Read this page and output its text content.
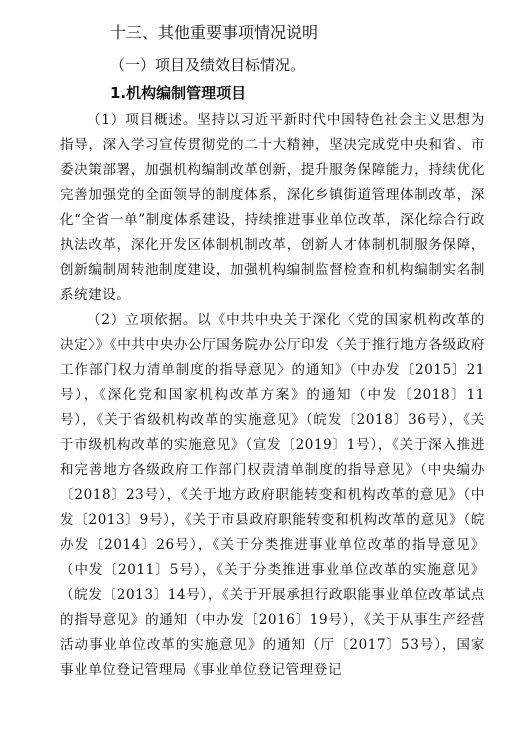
十三、其他重要事项情况说明
（一）项目及绩效目标情况。
1.机构编制管理项目

（1）项目概述。坚持以习近平新时代中国特色社会主义思想为指导，深入学习宣传贯彻党的二十大精神，坚决完成党中央和省、市委决策部署，加强机构编制改革创新，提升服务保障能力，持续优化完善加强党的全面领导的制度体系，深化乡镇街道管理体制改革，深化“全省一单”制度体系建设，持续推进事业单位改革，深化综合行政执法改革，深化开发区体制机制改革，创新人才体制机制服务保障，创新编制周转池制度建设，加强机构编制监督检查和机构编制实名制系统建设。

（2）立项依据。以《中共中央关于深化〈党的国家机构改革的决定〉》《中共中央办公厅国务院办公厅印发〈关于推行地方各级政府工作部门权力清单制度的指导意见〉的通知》（中办发〔2015〕21号），《深化党和国家机构改革方案》的通知（中发〔2018〕11号），《关于省级机构改革的实施意见》（皖发〔2018〕36号），《关于市级机构改革的实施意见》（宣发〔2019〕1号），《关于深入推进和完善地方各级政府工作部门权责清单制度的指导意见》（中央编办〔2018〕23号），《关于地方政府职能转变和机构改革的意见》（中发〔2013〕9号），《关于市县政府职能转变和机构改革的意见》（皖办发〔2014〕26号），《关于分类推进事业单位改革的指导意见》（中发〔2011〕5号），《关于分类推进事业单位改革的实施意见》（皖发〔2013〕14号），《关于开展承担行政职能事业单位改革试点的指导意见》的通知（中办发〔2016〕19号），《关于从事生产经营活动事业单位改革的实施意见》的通知（厅〔2017〕53号），国家事业单位登记管理局《事业单位登记管理登记
